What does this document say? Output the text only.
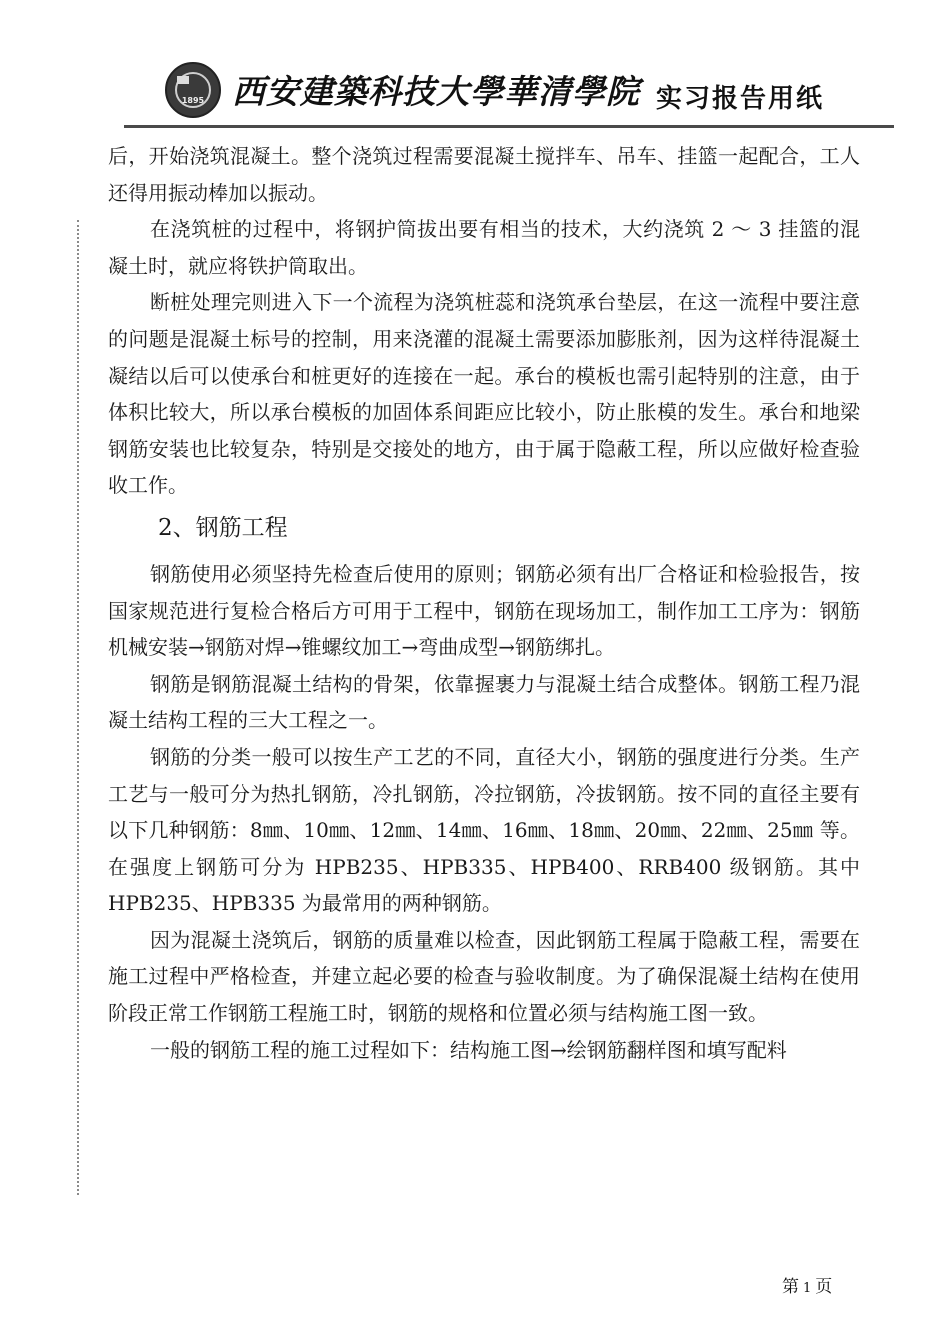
1895 西安建築科技大學華清學院 实习报告用纸

后，开始浇筑混凝土。整个浇筑过程需要混凝土搅拌车、吊车、挂篮一起配合，工人还得用振动棒加以振动。

在浇筑桩的过程中，将钢护筒拔出要有相当的技术，大约浇筑 2 ～ 3 挂篮的混凝土时，就应将铁护筒取出。

断桩处理完则进入下一个流程为浇筑桩蕊和浇筑承台垫层，在这一流程中要注意的问题是混凝土标号的控制，用来浇灌的混凝土需要添加膨胀剂，因为这样待混凝土凝结以后可以使承台和桩更好的连接在一起。承台的模板也需引起特别的注意，由于体积比较大，所以承台模板的加固体系间距应比较小，防止胀模的发生。承台和地梁钢筋安装也比较复杂，特别是交接处的地方，由于属于隐蔽工程，所以应做好检查验收工作。

2、钢筋工程

钢筋使用必须坚持先检查后使用的原则；钢筋必须有出厂合格证和检验报告，按国家规范进行复检合格后方可用于工程中，钢筋在现场加工，制作加工工序为：钢筋机械安装→钢筋对焊→锥螺纹加工→弯曲成型→钢筋绑扎。

钢筋是钢筋混凝土结构的骨架，依靠握裹力与混凝土结合成整体。钢筋工程乃混凝土结构工程的三大工程之一。

钢筋的分类一般可以按生产工艺的不同，直径大小，钢筋的强度进行分类。生产工艺与一般可分为热扎钢筋，冷扎钢筋，冷拉钢筋，冷拔钢筋。按不同的直径主要有以下几种钢筋：8㎜、10㎜、12㎜、14㎜、16㎜、18㎜、20㎜、22㎜、25㎜ 等。在强度上钢筋可分为 HPB235、HPB335、HPB400、RRB400 级钢筋。其中HPB235、HPB335 为最常用的两种钢筋。

因为混凝土浇筑后，钢筋的质量难以检查，因此钢筋工程属于隐蔽工程，需要在施工过程中严格检查，并建立起必要的检查与验收制度。为了确保混凝土结构在使用阶段正常工作钢筋工程施工时，钢筋的规格和位置必须与结构施工图一致。

一般的钢筋工程的施工过程如下：结构施工图→绘钢筋翻样图和填写配料

第 1 页
